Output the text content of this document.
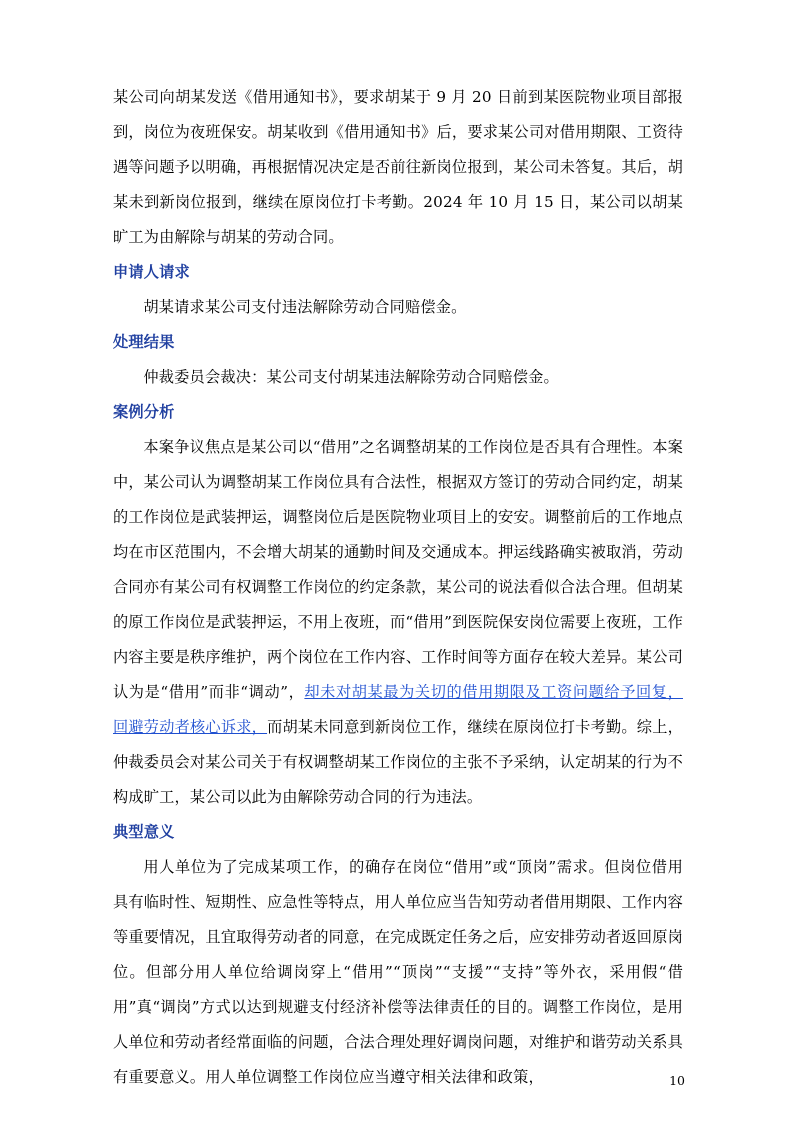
某公司向胡某发送《借用通知书》，要求胡某于 9 月 20 日前到某医院物业项目部报到，岗位为夜班保安。胡某收到《借用通知书》后，要求某公司对借用期限、工资待遇等问题予以明确，再根据情况决定是否前往新岗位报到，某公司未答复。其后，胡某未到新岗位报到，继续在原岗位打卡考勤。2024 年 10 月 15 日，某公司以胡某旷工为由解除与胡某的劳动合同。

申请人请求

胡某请求某公司支付违法解除劳动合同赔偿金。

处理结果

仲裁委员会裁决：某公司支付胡某违法解除劳动合同赔偿金。

案例分析

本案争议焦点是某公司以“借用”之名调整胡某的工作岗位是否具有合理性。本案中，某公司认为调整胡某工作岗位具有合法性，根据双方签订的劳动合同约定，胡某的工作岗位是武装押运，调整岗位后是医院物业项目上的安安。调整前后的工作地点均在市区范围内，不会增大胡某的通勤时间及交通成本。押运线路确实被取消，劳动合同亦有某公司有权调整工作岗位的约定条款，某公司的说法看似合法合理。但胡某的原工作岗位是武装押运，不用上夜班，而“借用”到医院保安岗位需要上夜班，工作内容主要是秩序维护，两个岗位在工作内容、工作时间等方面存在较大差异。某公司认为是“借用”而非“调动”，却未对胡某最为关切的借用期限及工资问题给予回复，回避劳动者核心诉求，而胡某未同意到新岗位工作，继续在原岗位打卡考勤。综上，仲裁委员会对某公司关于有权调整胡某工作岗位的主张不予采纳，认定胡某的行为不构成旷工，某公司以此为由解除劳动合同的行为违法。

典型意义

用人单位为了完成某项工作，的确存在岗位“借用”或“顶岗”需求。但岗位借用具有临时性、短期性、应急性等特点，用人单位应当告知劳动者借用期限、工作内容等重要情况，且宜取得劳动者的同意，在完成既定任务之后，应安排劳动者返回原岗位。但部分用人单位给调岗穿上“借用”“顶岗”“支援”“支持”等外衣，采用假“借用”真“调岗”方式以达到规避支付经济补偿等法律责任的目的。调整工作岗位，是用人单位和劳动者经常面临的问题，合法合理处理好调岗问题，对维护和谐劳动关系具有重要意义。用人单位调整工作岗位应当遵守相关法律和政策，	10
